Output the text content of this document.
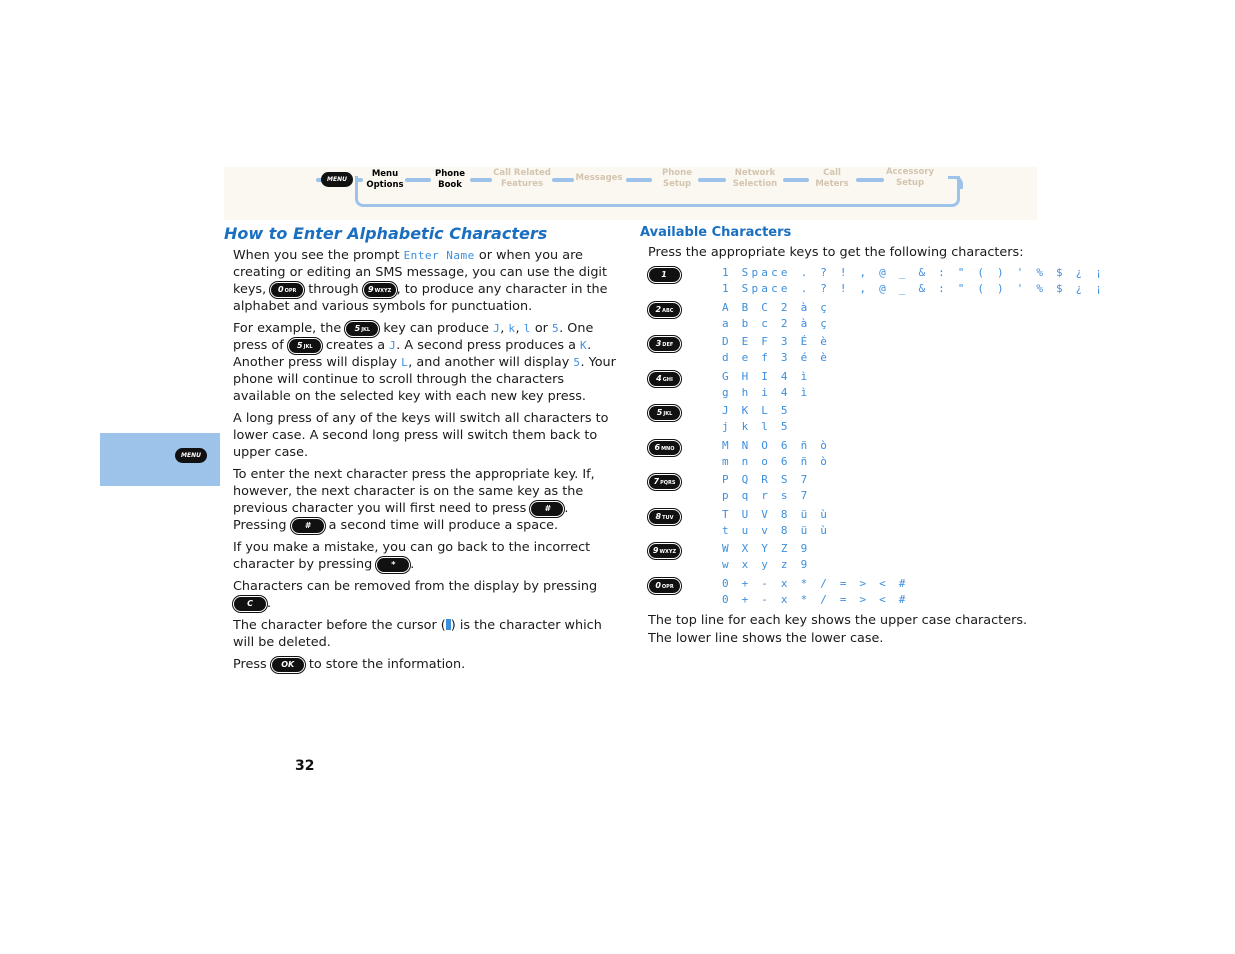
MENU
Menu
Options
Phone
Book
Call Related
Features
Messages	Phone
Setup
Network
Selection
Call
Meters
Accessory
Setup
MENU
How to Enter Alphabetic Characters

When you see the prompt Enter Name or when you are creating or editing an SMS message, you can use the digit keys, 0OPR through 9WXYZ , to produce any character in the alphabet and various symbols for punctuation.

For example, the 5JKL key can produce J, k, l or 5. One press of 5JKL creates a J. A second press produces a K. Another press will display L, and another will display 5. Your phone will continue to scroll through the characters available on the selected key with each new key press.

A long press of any of the keys will switch all characters to lower case. A second long press will switch them back to upper case.

To enter the next character press the appropriate key. If, however, the next character is on the same key as the previous character you will first need to press # . Pressing # a second time will produce a space.

If you make a mistake, you can go back to the incorrect character by pressing * .

Characters can be removed from the display by pressing C .

The character before the cursor ( ) is the character which will be deleted.

Press OK to store the information.

Available Characters
Press the appropriate keys to get the following characters:
1	1 Space . ? ! , @ _ & : " ( ) ' % $ ¿ ¡
1 Space . ? ! , @ _ & : " ( ) ' % $ ¿ ¡
2ABC	A B C 2 à ç
a b c 2 à ç
3DEF	D E F 3 É è
d e f 3 é è
4GHI	G H I 4 ì
g h i 4 ì
5JKL	J K L 5
j k l 5
6MNO	M N O 6 ñ ò
m n o 6 ñ ò
7PQRS	P Q R S 7
p q r s 7
8TUV	T U V 8 ü ù
t u v 8 ü ù
9WXYZ	W X Y Z 9
w x y z 9
0OPR	0 + - x * / = > < #
0 + - x * / = > < #

The top line for each key shows the upper case characters.

The lower line shows the lower case.

32
